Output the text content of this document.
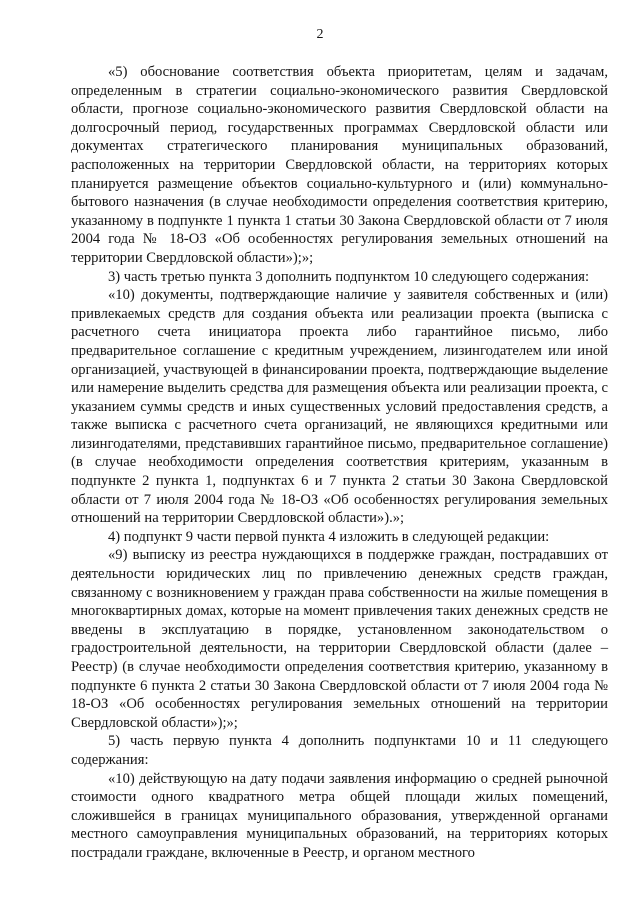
2

«5) обоснование соответствия объекта приоритетам, целям и задачам, определенным в стратегии социально-экономического развития Свердловской области, прогнозе социально-экономического развития Свердловской области на долгосрочный период, государственных программах Свердловской области или документах стратегического планирования муниципальных образований, расположенных на территории Свердловской области, на территориях которых планируется размещение объектов социально-культурного и (или) коммунально-бытового назначения (в случае необходимости определения соответствия критерию, указанному в подпункте 1 пункта 1 статьи 30 Закона Свердловской области от 7 июля 2004 года № 18-ОЗ «Об особенностях регулирования земельных отношений на территории Свердловской области»);»;

3) часть третью пункта 3 дополнить подпунктом 10 следующего содержания:

«10) документы, подтверждающие наличие у заявителя собственных и (или) привлекаемых средств для создания объекта или реализации проекта (выписка с расчетного счета инициатора проекта либо гарантийное письмо, либо предварительное соглашение с кредитным учреждением, лизингодателем или иной организацией, участвующей в финансировании проекта, подтверждающие выделение или намерение выделить средства для размещения объекта или реализации проекта, с указанием суммы средств и иных существенных условий предоставления средств, а также выписка с расчетного счета организаций, не являющихся кредитными или лизингодателями, представивших гарантийное письмо, предварительное соглашение) (в случае необходимости определения соответствия критериям, указанным в подпункте 2 пункта 1, подпунктах 6 и 7 пункта 2 статьи 30 Закона Свердловской области от 7 июля 2004 года № 18-ОЗ «Об особенностях регулирования земельных отношений на территории Свердловской области»).»;

4) подпункт 9 части первой пункта 4 изложить в следующей редакции:

«9) выписку из реестра нуждающихся в поддержке граждан, пострадавших от деятельности юридических лиц по привлечению денежных средств граждан, связанному с возникновением у граждан права собственности на жилые помещения в многоквартирных домах, которые на момент привлечения таких денежных средств не введены в эксплуатацию в порядке, установленном законодательством о градостроительной деятельности, на территории Свердловской области (далее – Реестр) (в случае необходимости определения соответствия критерию, указанному в подпункте 6 пункта 2 статьи 30 Закона Свердловской области от 7 июля 2004 года № 18-ОЗ «Об особенностях регулирования земельных отношений на территории Свердловской области»);»;

5) часть первую пункта 4 дополнить подпунктами 10 и 11 следующего содержания:

«10) действующую на дату подачи заявления информацию о средней рыночной стоимости одного квадратного метра общей площади жилых помещений, сложившейся в границах муниципального образования, утвержденной органами местного самоуправления муниципальных образований, на территориях которых пострадали граждане, включенные в Реестр, и органом местного
